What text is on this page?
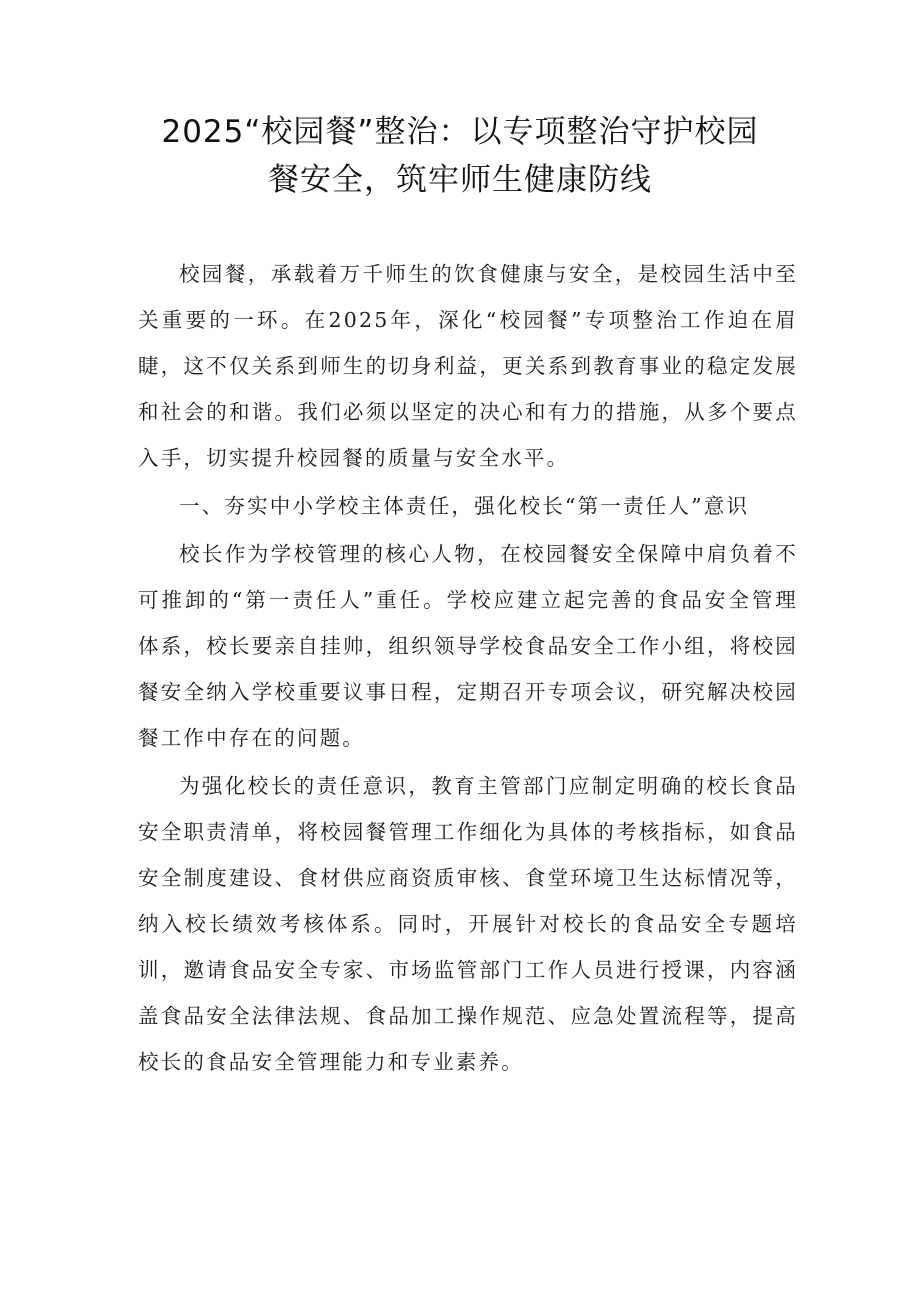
2025“校园餐”整治：以专项整治守护校园
餐安全，筑牢师生健康防线

校园餐，承载着万千师生的饮食健康与安全，是校园生活中至关重要的一环。在2025年，深化“校园餐”专项整治工作迫在眉睫，这不仅关系到师生的切身利益，更关系到教育事业的稳定发展和社会的和谐。我们必须以坚定的决心和有力的措施，从多个要点入手，切实提升校园餐的质量与安全水平。

一、夯实中小学校主体责任，强化校长“第一责任人”意识

校长作为学校管理的核心人物，在校园餐安全保障中肩负着不可推卸的“第一责任人”重任。学校应建立起完善的食品安全管理体系，校长要亲自挂帅，组织领导学校食品安全工作小组，将校园餐安全纳入学校重要议事日程，定期召开专项会议，研究解决校园餐工作中存在的问题。

为强化校长的责任意识，教育主管部门应制定明确的校长食品安全职责清单，将校园餐管理工作细化为具体的考核指标，如食品安全制度建设、食材供应商资质审核、食堂环境卫生达标情况等，纳入校长绩效考核体系。同时，开展针对校长的食品安全专题培训，邀请食品安全专家、市场监管部门工作人员进行授课，内容涵盖食品安全法律法规、食品加工操作规范、应急处置流程等，提高校长的食品安全管理能力和专业素养。
